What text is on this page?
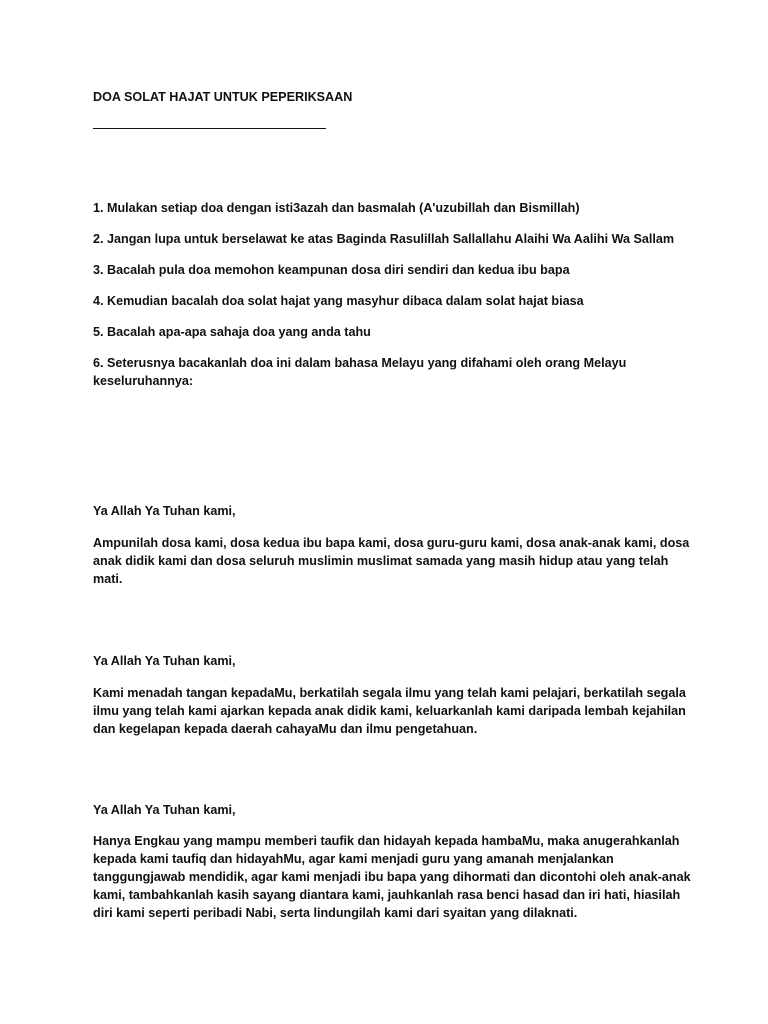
DOA SOLAT HAJAT UNTUK PEPERIKSAAN
1. Mulakan setiap doa dengan isti3azah dan basmalah (A'uzubillah dan Bismillah)
2. Jangan lupa untuk berselawat ke atas Baginda Rasulillah Sallallahu Alaihi Wa Aalihi Wa Sallam
3. Bacalah pula doa memohon keampunan dosa diri sendiri dan kedua ibu bapa
4. Kemudian bacalah doa solat hajat yang masyhur dibaca dalam solat hajat biasa
5. Bacalah apa-apa sahaja doa yang anda tahu
6. Seterusnya bacakanlah doa ini dalam bahasa Melayu yang difahami oleh orang Melayu keseluruhannya:
Ya Allah Ya Tuhan kami,
Ampunilah dosa kami, dosa kedua ibu bapa kami, dosa guru-guru kami, dosa anak-anak kami, dosa anak didik kami dan dosa seluruh muslimin muslimat samada yang masih hidup atau yang telah mati.
Ya Allah Ya Tuhan kami,
Kami menadah tangan kepadaMu, berkatilah segala ilmu yang telah kami pelajari, berkatilah segala ilmu yang telah kami ajarkan kepada anak didik kami, keluarkanlah kami daripada lembah kejahilan dan kegelapan kepada daerah cahayaMu dan ilmu pengetahuan.
Ya Allah Ya Tuhan kami,
Hanya Engkau yang mampu memberi taufik dan hidayah kepada hambaMu, maka anugerahkanlah kepada kami taufiq dan hidayahMu, agar kami menjadi guru yang amanah menjalankan tanggungjawab mendidik, agar kami menjadi ibu bapa yang dihormati dan dicontohi oleh anak-anak kami, tambahkanlah kasih sayang diantara kami, jauhkanlah rasa benci hasad dan iri hati, hiasilah diri kami seperti peribadi Nabi, serta lindungilah kami dari syaitan yang dilaknati.
